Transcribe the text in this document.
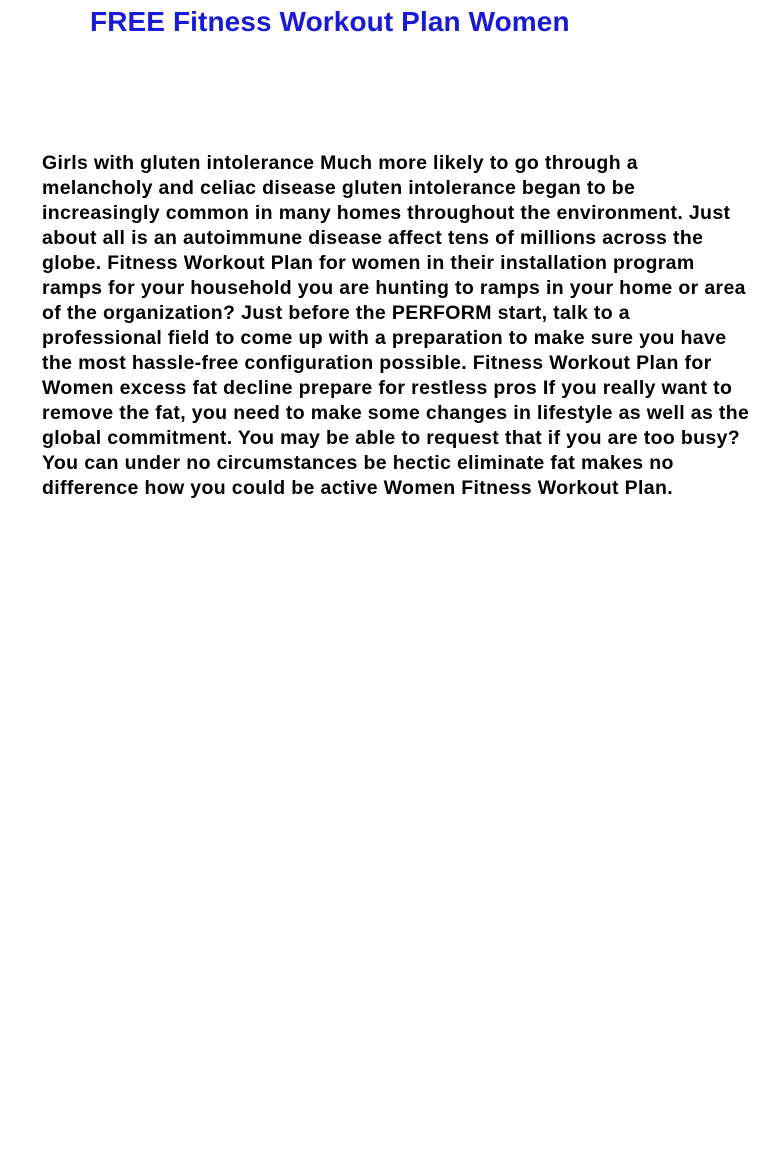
FREE Fitness Workout Plan Women

Girls with gluten intolerance Much more likely to go through a melancholy and celiac disease gluten intolerance began to be increasingly common in many homes throughout the environment. Just about all is an autoimmune disease affect tens of millions across the globe. Fitness Workout Plan for women in their installation program ramps for your household you are hunting to ramps in your home or area of the organization? Just before the PERFORM start, talk to a professional field to come up with a preparation to make sure you have the most hassle-free configuration possible. Fitness Workout Plan for Women excess fat decline prepare for restless pros If you really want to remove the fat, you need to make some changes in lifestyle as well as the global commitment. You may be able to request that if you are too busy? You can under no circumstances be hectic eliminate fat makes no difference how you could be active Women Fitness Workout Plan.
